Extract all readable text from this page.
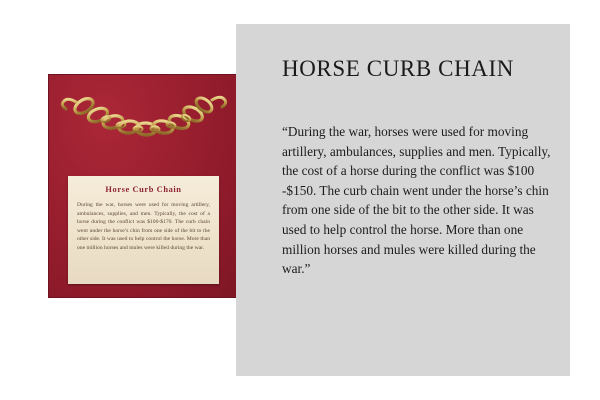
Horse Curb Chain

During the war, horses were used for moving artillery, ambulances, supplies, and men. Typically, the cost of a horse during the conflict was $100-$170. The curb chain went under the horse’s chin from one side of the bit to the other side. It was used to help control the horse. More than one million horses and mules were killed during the war.

HORSE CURB CHAIN

“During the war, horses were used for moving artillery, ambulances, supplies and men. Typically, the cost of a horse during the conflict was $100 -$150. The curb chain went under the horse’s chin from one side of the bit to the other side. It was used to help control the horse. More than one million horses and mules were killed during the war.”
